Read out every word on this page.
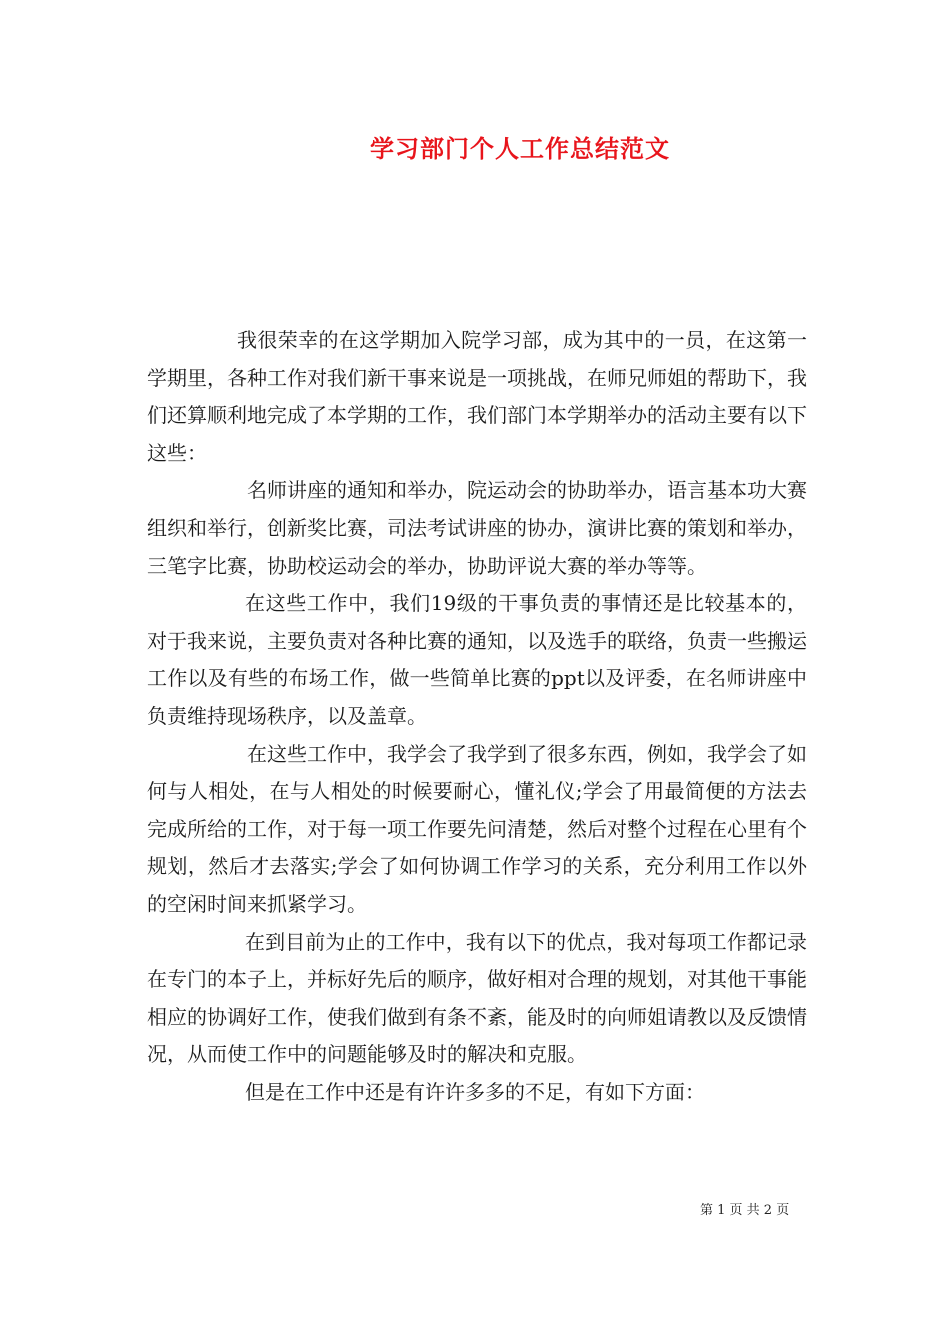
学习部门个人工作总结范文

我很荣幸的在这学期加入院学习部，成为其中的一员，在这第一学期里，各种工作对我们新干事来说是一项挑战，在师兄师姐的帮助下，我们还算顺利地完成了本学期的工作，我们部门本学期举办的活动主要有以下这些：

名师讲座的通知和举办，院运动会的协助举办，语言基本功大赛组织和举行，创新奖比赛，司法考试讲座的协办，演讲比赛的策划和举办，三笔字比赛，协助校运动会的举办，协助评说大赛的举办等等。

在这些工作中，我们19级的干事负责的事情还是比较基本的，对于我来说，主要负责对各种比赛的通知，以及选手的联络，负责一些搬运工作以及有些的布场工作，做一些简单比赛的ppt以及评委，在名师讲座中负责维持现场秩序，以及盖章。

在这些工作中，我学会了我学到了很多东西，例如，我学会了如何与人相处，在与人相处的时候要耐心，懂礼仪;学会了用最简便的方法去完成所给的工作，对于每一项工作要先问清楚，然后对整个过程在心里有个规划，然后才去落实;学会了如何协调工作学习的关系，充分利用工作以外的空闲时间来抓紧学习。

在到目前为止的工作中，我有以下的优点，我对每项工作都记录在专门的本子上，并标好先后的顺序，做好相对合理的规划，对其他干事能相应的协调好工作，使我们做到有条不紊，能及时的向师姐请教以及反馈情况，从而使工作中的问题能够及时的解决和克服。

但是在工作中还是有许许多多的不足，有如下方面：

第 1 页 共 2 页
